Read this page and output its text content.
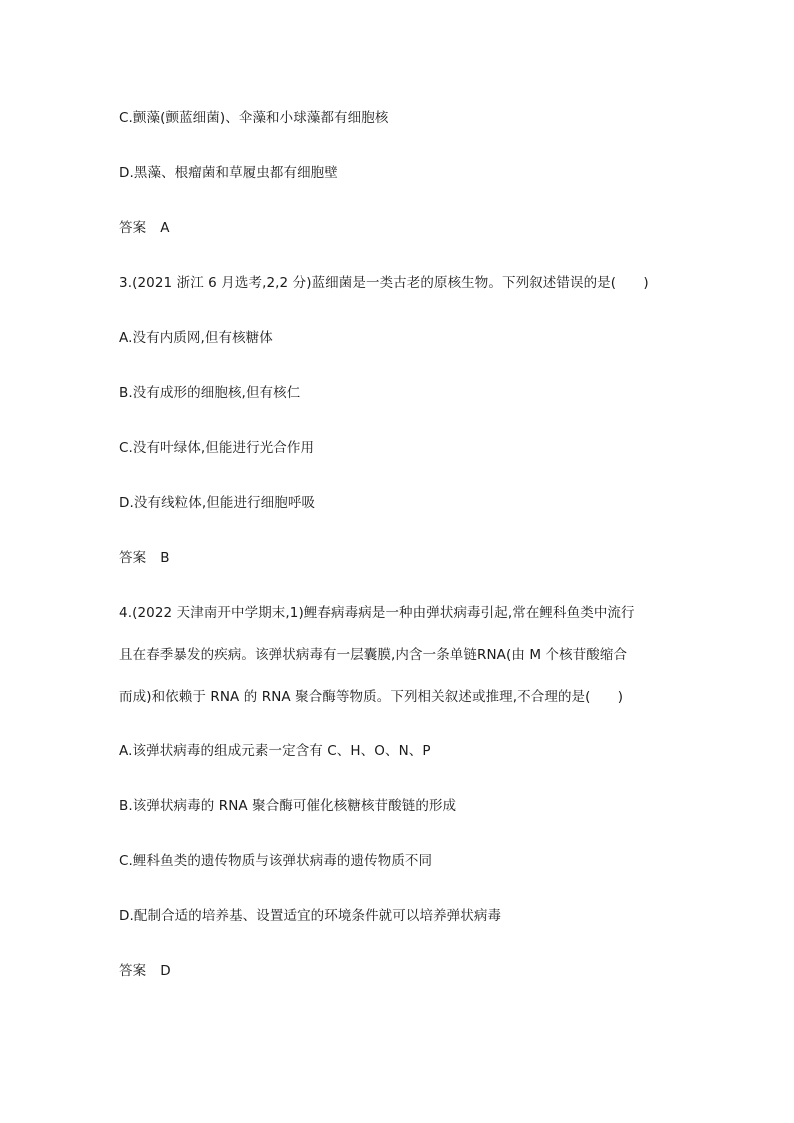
C.颤藻(颤蓝细菌)、伞藻和小球藻都有细胞核
D.黑藻、根瘤菌和草履虫都有细胞壁
答案 A
3.(2021 浙江 6 月选考,2,2 分)蓝细菌是一类古老的原核生物。下列叙述错误的是(　　)
A.没有内质网,但有核糖体
B.没有成形的细胞核,但有核仁
C.没有叶绿体,但能进行光合作用
D.没有线粒体,但能进行细胞呼吸
答案 B
4.(2022 天津南开中学期末,1)鲤春病毒病是一种由弹状病毒引起,常在鲤科鱼类中流行
且在春季暴发的疾病。该弹状病毒有一层囊膜,内含一条单链RNA(由 M 个核苷酸缩合
而成)和依赖于 RNA 的 RNA 聚合酶等物质。下列相关叙述或推理,不合理的是(　　)
A.该弹状病毒的组成元素一定含有 C、H、O、N、P
B.该弹状病毒的 RNA 聚合酶可催化核糖核苷酸链的形成
C.鲤科鱼类的遗传物质与该弹状病毒的遗传物质不同
D.配制合适的培养基、设置适宜的环境条件就可以培养弹状病毒
答案 D
